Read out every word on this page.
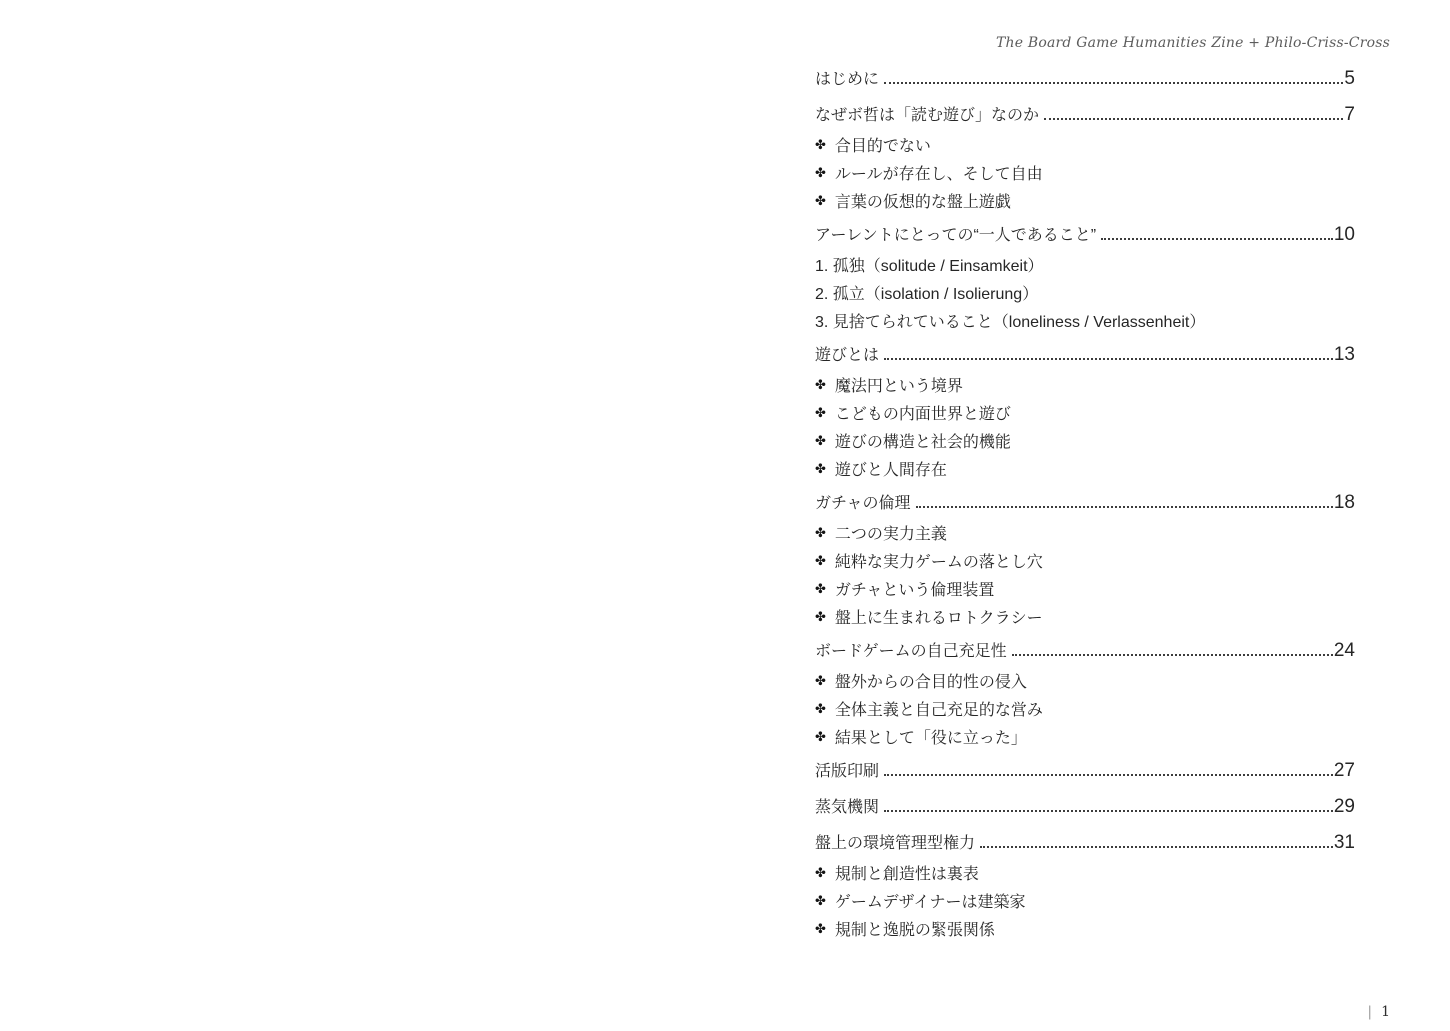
The Board Game Humanities Zine + Philo-Criss-Cross
はじめに	5
なぜボ哲は「読む遊び」なのか	7
✤ 合目的でない
✤ ルールが存在し、そして自由
✤ 言葉の仮想的な盤上遊戯
アーレントにとっての“一人であること”	10
1. 孤独（solitude / Einsamkeit）
2. 孤立（isolation / Isolierung）
3. 見捨てられていること（loneliness / Verlassenheit）
遊びとは	13
✤ 魔法円という境界
✤ こどもの内面世界と遊び
✤ 遊びの構造と社会的機能
✤ 遊びと人間存在
ガチャの倫理	18
✤ 二つの実力主義
✤ 純粋な実力ゲームの落とし穴
✤ ガチャという倫理装置
✤ 盤上に生まれるロトクラシー
ボードゲームの自己充足性	24
✤ 盤外からの合目的性の侵入
✤ 全体主義と自己充足的な営み
✤ 結果として「役に立った」
活版印刷	27
蒸気機関	29
盤上の環境管理型権力	31
✤ 規制と創造性は裏表
✤ ゲームデザイナーは建築家
✤ 規制と逸脱の緊張関係
| 1
